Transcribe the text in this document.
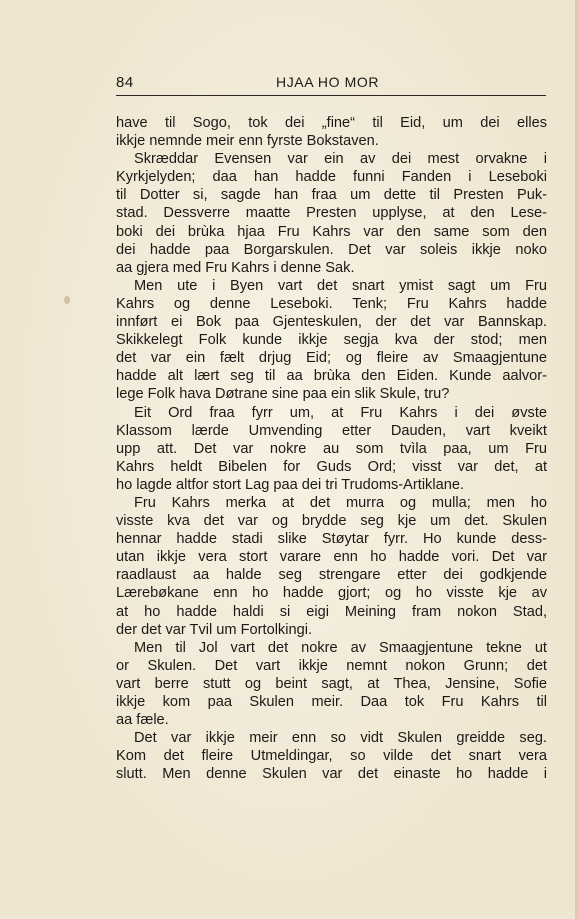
84	HJAA HO MOR
have til Sogo, tok dei „fine“ til Eid, um dei elles
ikkje nemnde meir enn fyrste Bokstaven.
Skræddar Evensen var ein av dei mest orvakne i
Kyrkjelyden; daa han hadde funni Fanden i Leseboki
til Dotter si, sagde han fraa um dette til Presten Puk-
stad. Dessverre maatte Presten upplyse, at den Lese-
boki dei brùka hjaa Fru Kahrs var den same som den
dei hadde paa Borgarskulen. Det var soleis ikkje noko
aa gjera med Fru Kahrs i denne Sak.
Men ute i Byen vart det snart ymist sagt um Fru
Kahrs og denne Leseboki. Tenk; Fru Kahrs hadde
innført ei Bok paa Gjenteskulen, der det var Bannskap.
Skikkelegt Folk kunde ikkje segja kva der stod; men
det var ein fælt drjug Eid; og fleire av Smaagjentune
hadde alt lært seg til aa brùka den Eiden. Kunde aalvor-
lege Folk hava Døtrane sine paa ein slik Skule, tru?
Eit Ord fraa fyrr um, at Fru Kahrs i dei øvste
Klassom lærde Umvending etter Dauden, vart kveikt
upp att. Det var nokre au som tvìla paa, um Fru
Kahrs heldt Bibelen for Guds Ord; visst var det, at
ho lagde altfor stort Lag paa dei tri Trudoms-Artiklane.
Fru Kahrs merka at det murra og mulla; men ho
visste kva det var og brydde seg kje um det. Skulen
hennar hadde stadi slike Støytar fyrr. Ho kunde dess-
utan ikkje vera stort varare enn ho hadde vori. Det var
raadlaust aa halde seg strengare etter dei godkjende
Lærebøkane enn ho hadde gjort; og ho visste kje av
at ho hadde haldi si eigi Meining fram nokon Stad,
der det var Tvil um Fortolkingi.
Men til Jol vart det nokre av Smaagjentune tekne ut
or Skulen. Det vart ikkje nemnt nokon Grunn; det
vart berre stutt og beint sagt, at Thea, Jensine, Sofie
ikkje kom paa Skulen meir. Daa tok Fru Kahrs til
aa fæle.
Det var ikkje meir enn so vidt Skulen greidde seg.
Kom det fleire Utmeldingar, so vilde det snart vera
slutt. Men denne Skulen var det einaste ho hadde i
